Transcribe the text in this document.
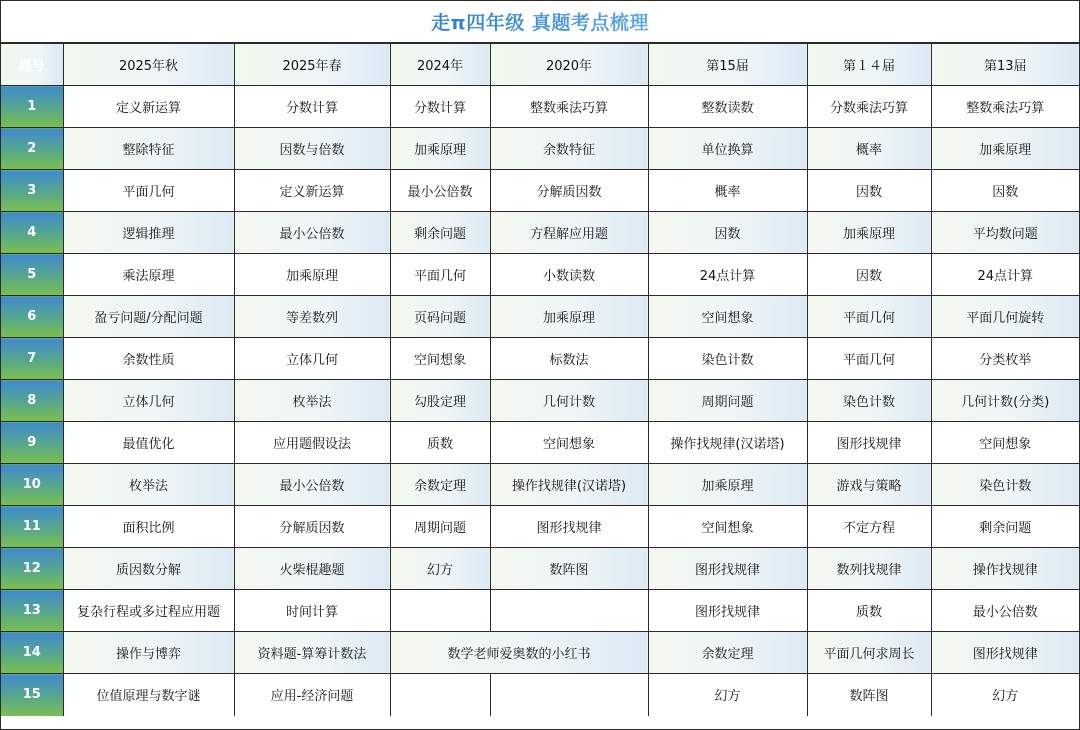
走π四年级 真题考点梳理
题号	2025年秋	2025年春	2024年	2020年	第15届	第１４届	第13届
1	定义新运算	分数计算	分数计算	整数乘法巧算	整数读数	分数乘法巧算	整数乘法巧算
2	整除特征	因数与倍数	加乘原理	余数特征	单位换算	概率	加乘原理
3	平面几何	定义新运算	最小公倍数	分解质因数	概率	因数	因数
4	逻辑推理	最小公倍数	剩余问题	方程解应用题	因数	加乘原理	平均数问题
5	乘法原理	加乘原理	平面几何	小数读数	24点计算	因数	24点计算
6	盈亏问题/分配问题	等差数列	页码问题	加乘原理	空间想象	平面几何	平面几何旋转
7	余数性质	立体几何	空间想象	标数法	染色计数	平面几何	分类枚举
8	立体几何	枚举法	勾股定理	几何计数	周期问题	染色计数	几何计数(分类)
9	最值优化	应用题假设法	质数	空间想象	操作找规律(汉诺塔)	图形找规律	空间想象
10	枚举法	最小公倍数	余数定理	操作找规律(汉诺塔)	加乘原理	游戏与策略	染色计数
11	面积比例	分解质因数	周期问题	图形找规律	空间想象	不定方程	剩余问题
12	质因数分解	火柴棍趣题	幻方	数阵图	图形找规律	数列找规律	操作找规律
13	复杂行程或多过程应用题	时间计算			图形找规律	质数	最小公倍数
14	操作与博弈	资料题-算筹计数法	数学老师爱奥数的小红书		余数定理	平面几何求周长	图形找规律
15	位值原理与数字谜	应用-经济问题			幻方	数阵图	幻方
